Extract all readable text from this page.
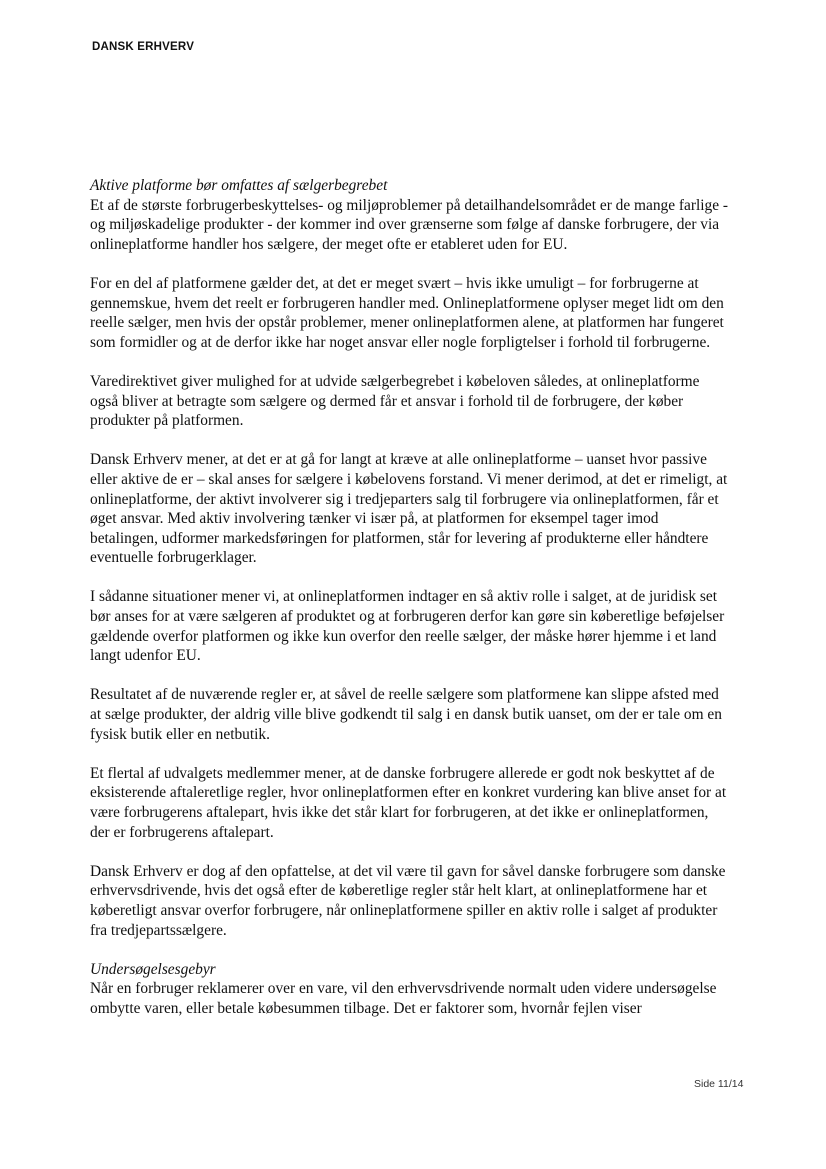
DANSK ERHVERV

Aktive platforme bør omfattes af sælgerbegrebet

Et af de største forbrugerbeskyttelses- og miljøproblemer på detailhandelsområdet er de mange farlige - og miljøskadelige produkter - der kommer ind over grænserne som følge af danske forbrugere, der via onlineplatforme handler hos sælgere, der meget ofte er etableret uden for EU.

For en del af platformene gælder det, at det er meget svært – hvis ikke umuligt – for forbrugerne at gennemskue, hvem det reelt er forbrugeren handler med. Onlineplatformene oplyser meget lidt om den reelle sælger, men hvis der opstår problemer, mener onlineplatformen alene, at platformen har fungeret som formidler og at de derfor ikke har noget ansvar eller nogle forpligtelser i forhold til forbrugerne.

Varedirektivet giver mulighed for at udvide sælgerbegrebet i købeloven således, at onlineplatforme også bliver at betragte som sælgere og dermed får et ansvar i forhold til de forbrugere, der køber produkter på platformen.

Dansk Erhverv mener, at det er at gå for langt at kræve at alle onlineplatforme – uanset hvor passive eller aktive de er – skal anses for sælgere i købelovens forstand. Vi mener derimod, at det er rimeligt, at onlineplatforme, der aktivt involverer sig i tredjeparters salg til forbrugere via onlineplatformen, får et øget ansvar. Med aktiv involvering tænker vi især på, at platformen for eksempel tager imod betalingen, udformer markedsføringen for platformen, står for levering af produkterne eller håndtere eventuelle forbrugerklager.

I sådanne situationer mener vi, at onlineplatformen indtager en så aktiv rolle i salget, at de juridisk set bør anses for at være sælgeren af produktet og at forbrugeren derfor kan gøre sin køberetlige beføjelser gældende overfor platformen og ikke kun overfor den reelle sælger, der måske hører hjemme i et land langt udenfor EU.

Resultatet af de nuværende regler er, at såvel de reelle sælgere som platformene kan slippe afsted med at sælge produkter, der aldrig ville blive godkendt til salg i en dansk butik uanset, om der er tale om en fysisk butik eller en netbutik.

Et flertal af udvalgets medlemmer mener, at de danske forbrugere allerede er godt nok beskyttet af de eksisterende aftaleretlige regler, hvor onlineplatformen efter en konkret vurdering kan blive anset for at være forbrugerens aftalepart, hvis ikke det står klart for forbrugeren, at det ikke er onlineplatformen, der er forbrugerens aftalepart.

Dansk Erhverv er dog af den opfattelse, at det vil være til gavn for såvel danske forbrugere som danske erhvervsdrivende, hvis det også efter de køberetlige regler står helt klart, at onlineplatformene har et køberetligt ansvar overfor forbrugere, når onlineplatformene spiller en aktiv rolle i salget af produkter fra tredjepartssælgere.

Undersøgelsesgebyr

Når en forbruger reklamerer over en vare, vil den erhvervsdrivende normalt uden videre undersøgelse ombytte varen, eller betale købesummen tilbage. Det er faktorer som, hvornår fejlen viser

Side 11/14
